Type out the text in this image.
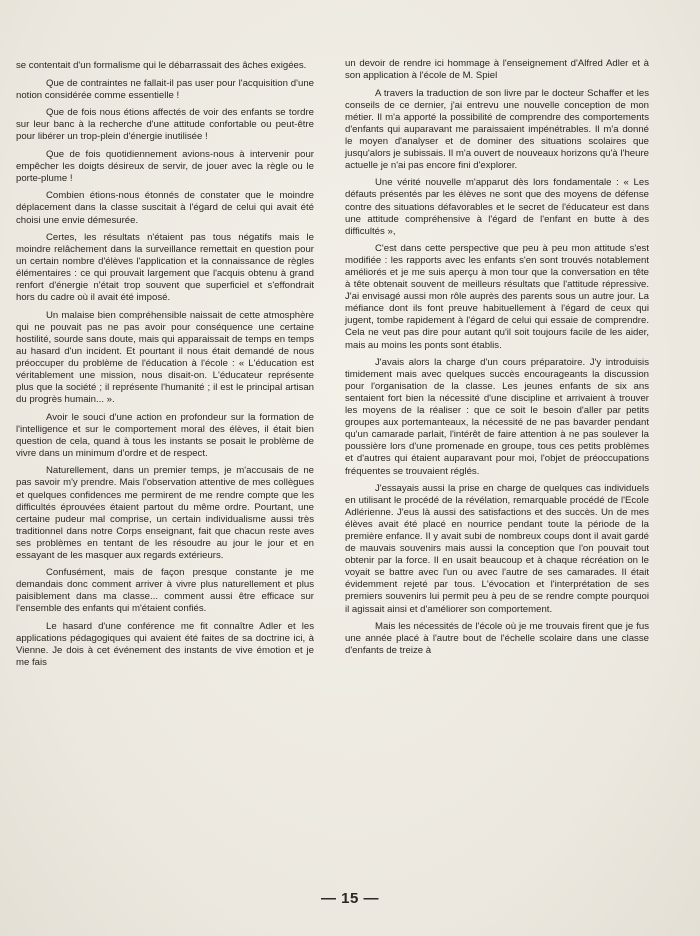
se contentait d'un formalisme qui le débarrassait des âches exigées.

Que de contraintes ne fallait-il pas user pour l'acquisition d'une notion considérée comme essentielle !

Que de fois nous étions affectés de voir des enfants se tordre sur leur banc à la recherche d'une attitude confortable ou peut-être pour libérer un trop-plein d'énergie inutilisée !

Que de fois quotidiennement avions-nous à intervenir pour empêcher les doigts désireux de servir, de jouer avec la règle ou le porte-plume !

Combien étions-nous étonnés de constater que le moindre déplacement dans la classe suscitait à l'égard de celui qui avait été choisi une envie démesurée.

Certes, les résultats n'étaient pas tous négatifs mais le moindre relâchement dans la surveillance remettait en question pour un certain nombre d'élèves l'application et la connaissance de règles élémentaires : ce qui prouvait largement que l'acquis obtenu à grand renfort d'énergie n'était trop souvent que superficiel et s'effondrait hors du cadre où il avait été imposé.

Un malaise bien compréhensible naissait de cette atmosphère qui ne pouvait pas ne pas avoir pour conséquence une certaine hostilité, sourde sans doute, mais qui apparaissait de temps en temps au hasard d'un incident. Et pourtant il nous était demandé de nous préoccuper du problème de l'éducation à l'école : « L'éducation est véritablement une mission, nous disait-on. L'éducateur représente plus que la société ; il représente l'humanité ; il est le principal artisan du progrès humain... ».

Avoir le souci d'une action en profondeur sur la formation de l'intelligence et sur le comportement moral des élèves, il était bien question de cela, quand à tous les instants se posait le problème de vivre dans un minimum d'ordre et de respect.

Naturellement, dans un premier temps, je m'accusais de ne pas savoir m'y prendre. Mais l'observation attentive de mes collègues et quelques confidences me permirent de me rendre compte que les difficultés éprouvées étaient partout du même ordre. Pourtant, une certaine pudeur mal comprise, un certain individualisme aussi très traditionnel dans notre Corps enseignant, fait que chacun reste aves ses problèmes en tentant de les résoudre au jour le jour et en essayant de les masquer aux regards extérieurs.

Confusément, mais de façon presque constante je me demandais donc comment arriver à vivre plus naturellement et plus paisiblement dans ma classe... comment aussi être efficace sur l'ensemble des enfants qui m'étaient confiés.

Le hasard d'une conférence me fit connaître Adler et les applications pédagogiques qui avaient été faites de sa doctrine ici, à Vienne. Je dois à cet événement des instants de vive émotion et je me fais

un devoir de rendre ici hommage à l'enseignement d'Alfred Adler et à son application à l'école de M. Spiel

A travers la traduction de son livre par le docteur Schaffer et les conseils de ce dernier, j'ai entrevu une nouvelle conception de mon métier. Il m'a apporté la possibilité de comprendre des comportements d'enfants qui auparavant me paraissaient impénétrables. Il m'a donné le moyen d'analyser et de dominer des situations scolaires que jusqu'alors je subissais. Il m'a ouvert de nouveaux horizons qu'à l'heure actuelle je n'ai pas encore fini d'explorer.

Une vérité nouvelle m'apparut dès lors fondamentale : « Les défauts présentés par les élèves ne sont que des moyens de défense contre des situations défavorables et le secret de l'éducateur est dans une attitude compréhensive à l'égard de l'enfant en butte à des difficultés »,

C'est dans cette perspective que peu à peu mon attitude s'est modifiée : les rapports avec les enfants s'en sont trouvés notablement améliorés et je me suis aperçu à mon tour que la conversation en tête à tête obtenait souvent de meilleurs résultats que l'attitude répressive. J'ai envisagé aussi mon rôle auprès des parents sous un autre jour. La méfiance dont ils font preuve habituellement à l'égard de ceux qui jugent, tombe rapidement à l'égard de celui qui essaie de comprendre. Cela ne veut pas dire pour autant qu'il soit toujours facile de les aider, mais au moins les ponts sont établis.

J'avais alors la charge d'un cours préparatoire. J'y introduisis timidement mais avec quelques succès encourageants la discussion pour l'organisation de la classe. Les jeunes enfants de six ans sentaient fort bien la nécessité d'une discipline et arrivaient à trouver les moyens de la réaliser : que ce soit le besoin d'aller par petits groupes aux portemanteaux, la nécessité de ne pas bavarder pendant qu'un camarade parlait, l'intérêt de faire attention à ne pas soulever la poussière lors d'une promenade en groupe, tous ces petits problèmes et d'autres qui étaient auparavant pour moi, l'objet de préoccupations fréquentes se trouvaient réglés.

J'essayais aussi la prise en charge de quelques cas individuels en utilisant le procédé de la révélation, remarquable procédé de l'Ecole Adlérienne. J'eus là aussi des satisfactions et des succès. Un de mes élèves avait été placé en nourrice pendant toute la période de la première enfance. Il y avait subi de nombreux coups dont il avait gardé de mauvais souvenirs mais aussi la conception que l'on pouvait tout obtenir par la force. Il en usait beaucoup et à chaque récréation on le voyait se battre avec l'un ou avec l'autre de ses camarades. Il était évidemment rejeté par tous. L'évocation et l'interprétation de ses premiers souvenirs lui permit peu à peu de se rendre compte pourquoi il agissait ainsi et d'améliorer son comportement.

Mais les nécessités de l'école où je me trouvais firent que je fus une année placé à l'autre bout de l'échelle scolaire dans une classe d'enfants de treize à

— 15 —
